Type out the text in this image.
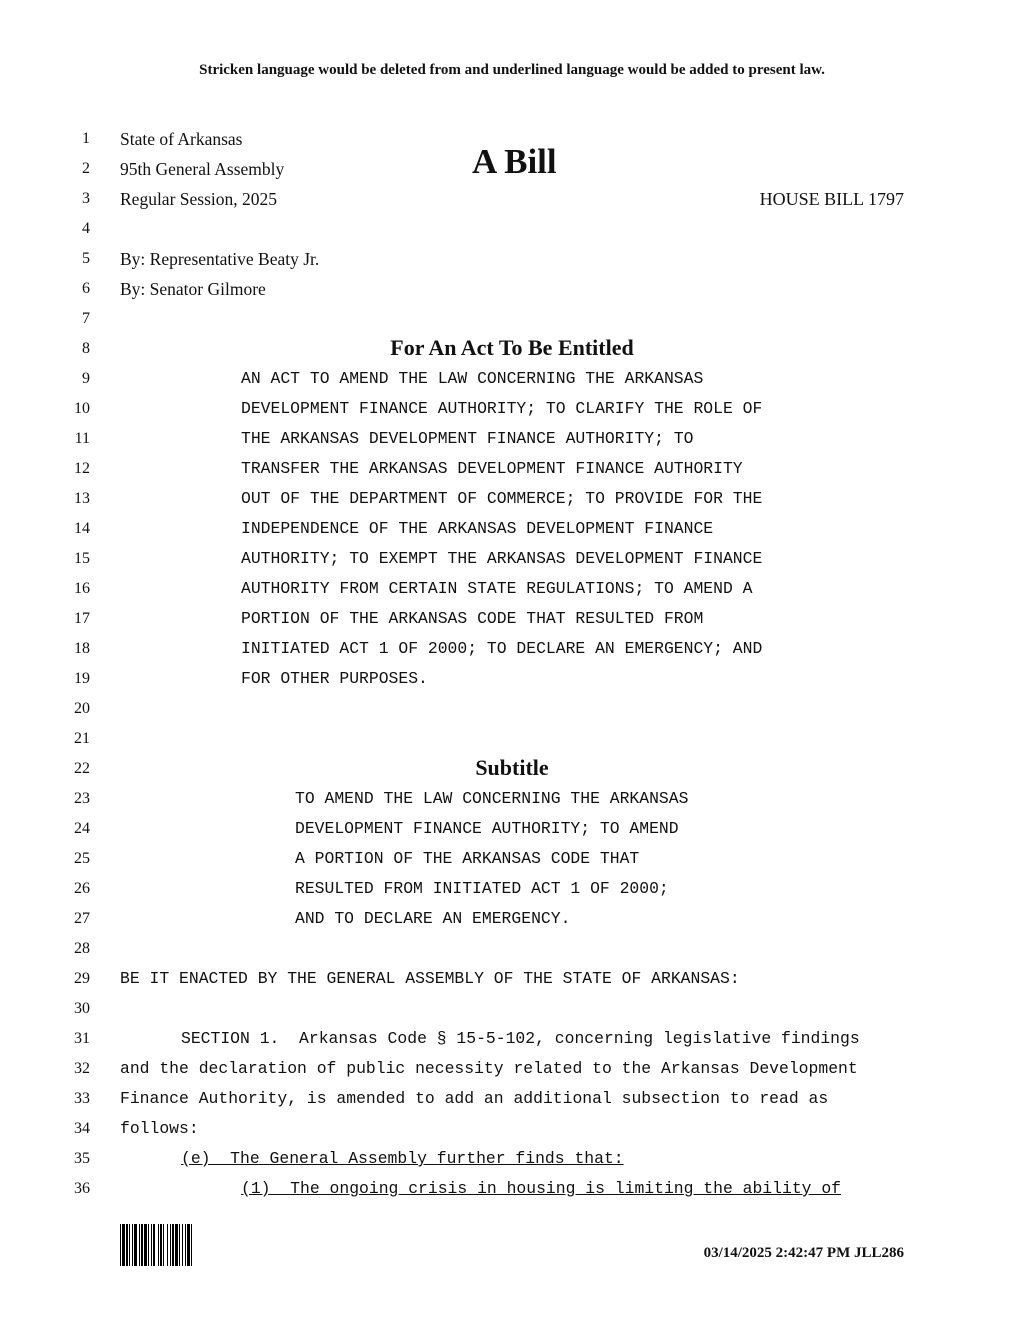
Stricken language would be deleted from and underlined language would be added to present law.
1 State of Arkansas
2 95th General Assembly	A Bill
3 Regular Session, 2025	HOUSE BILL 1797
4
5 By: Representative Beaty Jr.
6 By: Senator Gilmore
7
8	For An Act To Be Entitled
9	AN ACT TO AMEND THE LAW CONCERNING THE ARKANSAS
10	DEVELOPMENT FINANCE AUTHORITY; TO CLARIFY THE ROLE OF
11	THE ARKANSAS DEVELOPMENT FINANCE AUTHORITY; TO
12	TRANSFER THE ARKANSAS DEVELOPMENT FINANCE AUTHORITY
13	OUT OF THE DEPARTMENT OF COMMERCE; TO PROVIDE FOR THE
14	INDEPENDENCE OF THE ARKANSAS DEVELOPMENT FINANCE
15	AUTHORITY; TO EXEMPT THE ARKANSAS DEVELOPMENT FINANCE
16	AUTHORITY FROM CERTAIN STATE REGULATIONS; TO AMEND A
17	PORTION OF THE ARKANSAS CODE THAT RESULTED FROM
18	INITIATED ACT 1 OF 2000; TO DECLARE AN EMERGENCY; AND
19	FOR OTHER PURPOSES.
20
21
22	Subtitle
23	TO AMEND THE LAW CONCERNING THE ARKANSAS
24	DEVELOPMENT FINANCE AUTHORITY; TO AMEND
25	A PORTION OF THE ARKANSAS CODE THAT
26	RESULTED FROM INITIATED ACT 1 OF 2000;
27	AND TO DECLARE AN EMERGENCY.
28
29 BE IT ENACTED BY THE GENERAL ASSEMBLY OF THE STATE OF ARKANSAS:
30
31	SECTION 1.  Arkansas Code § 15-5-102, concerning legislative findings
32 and the declaration of public necessity related to the Arkansas Development
33 Finance Authority, is amended to add an additional subsection to read as
34 follows:
35	(e)  The General Assembly further finds that:
36	(1)  The ongoing crisis in housing is limiting the ability of
03/14/2025 2:42:47 PM JLL286
